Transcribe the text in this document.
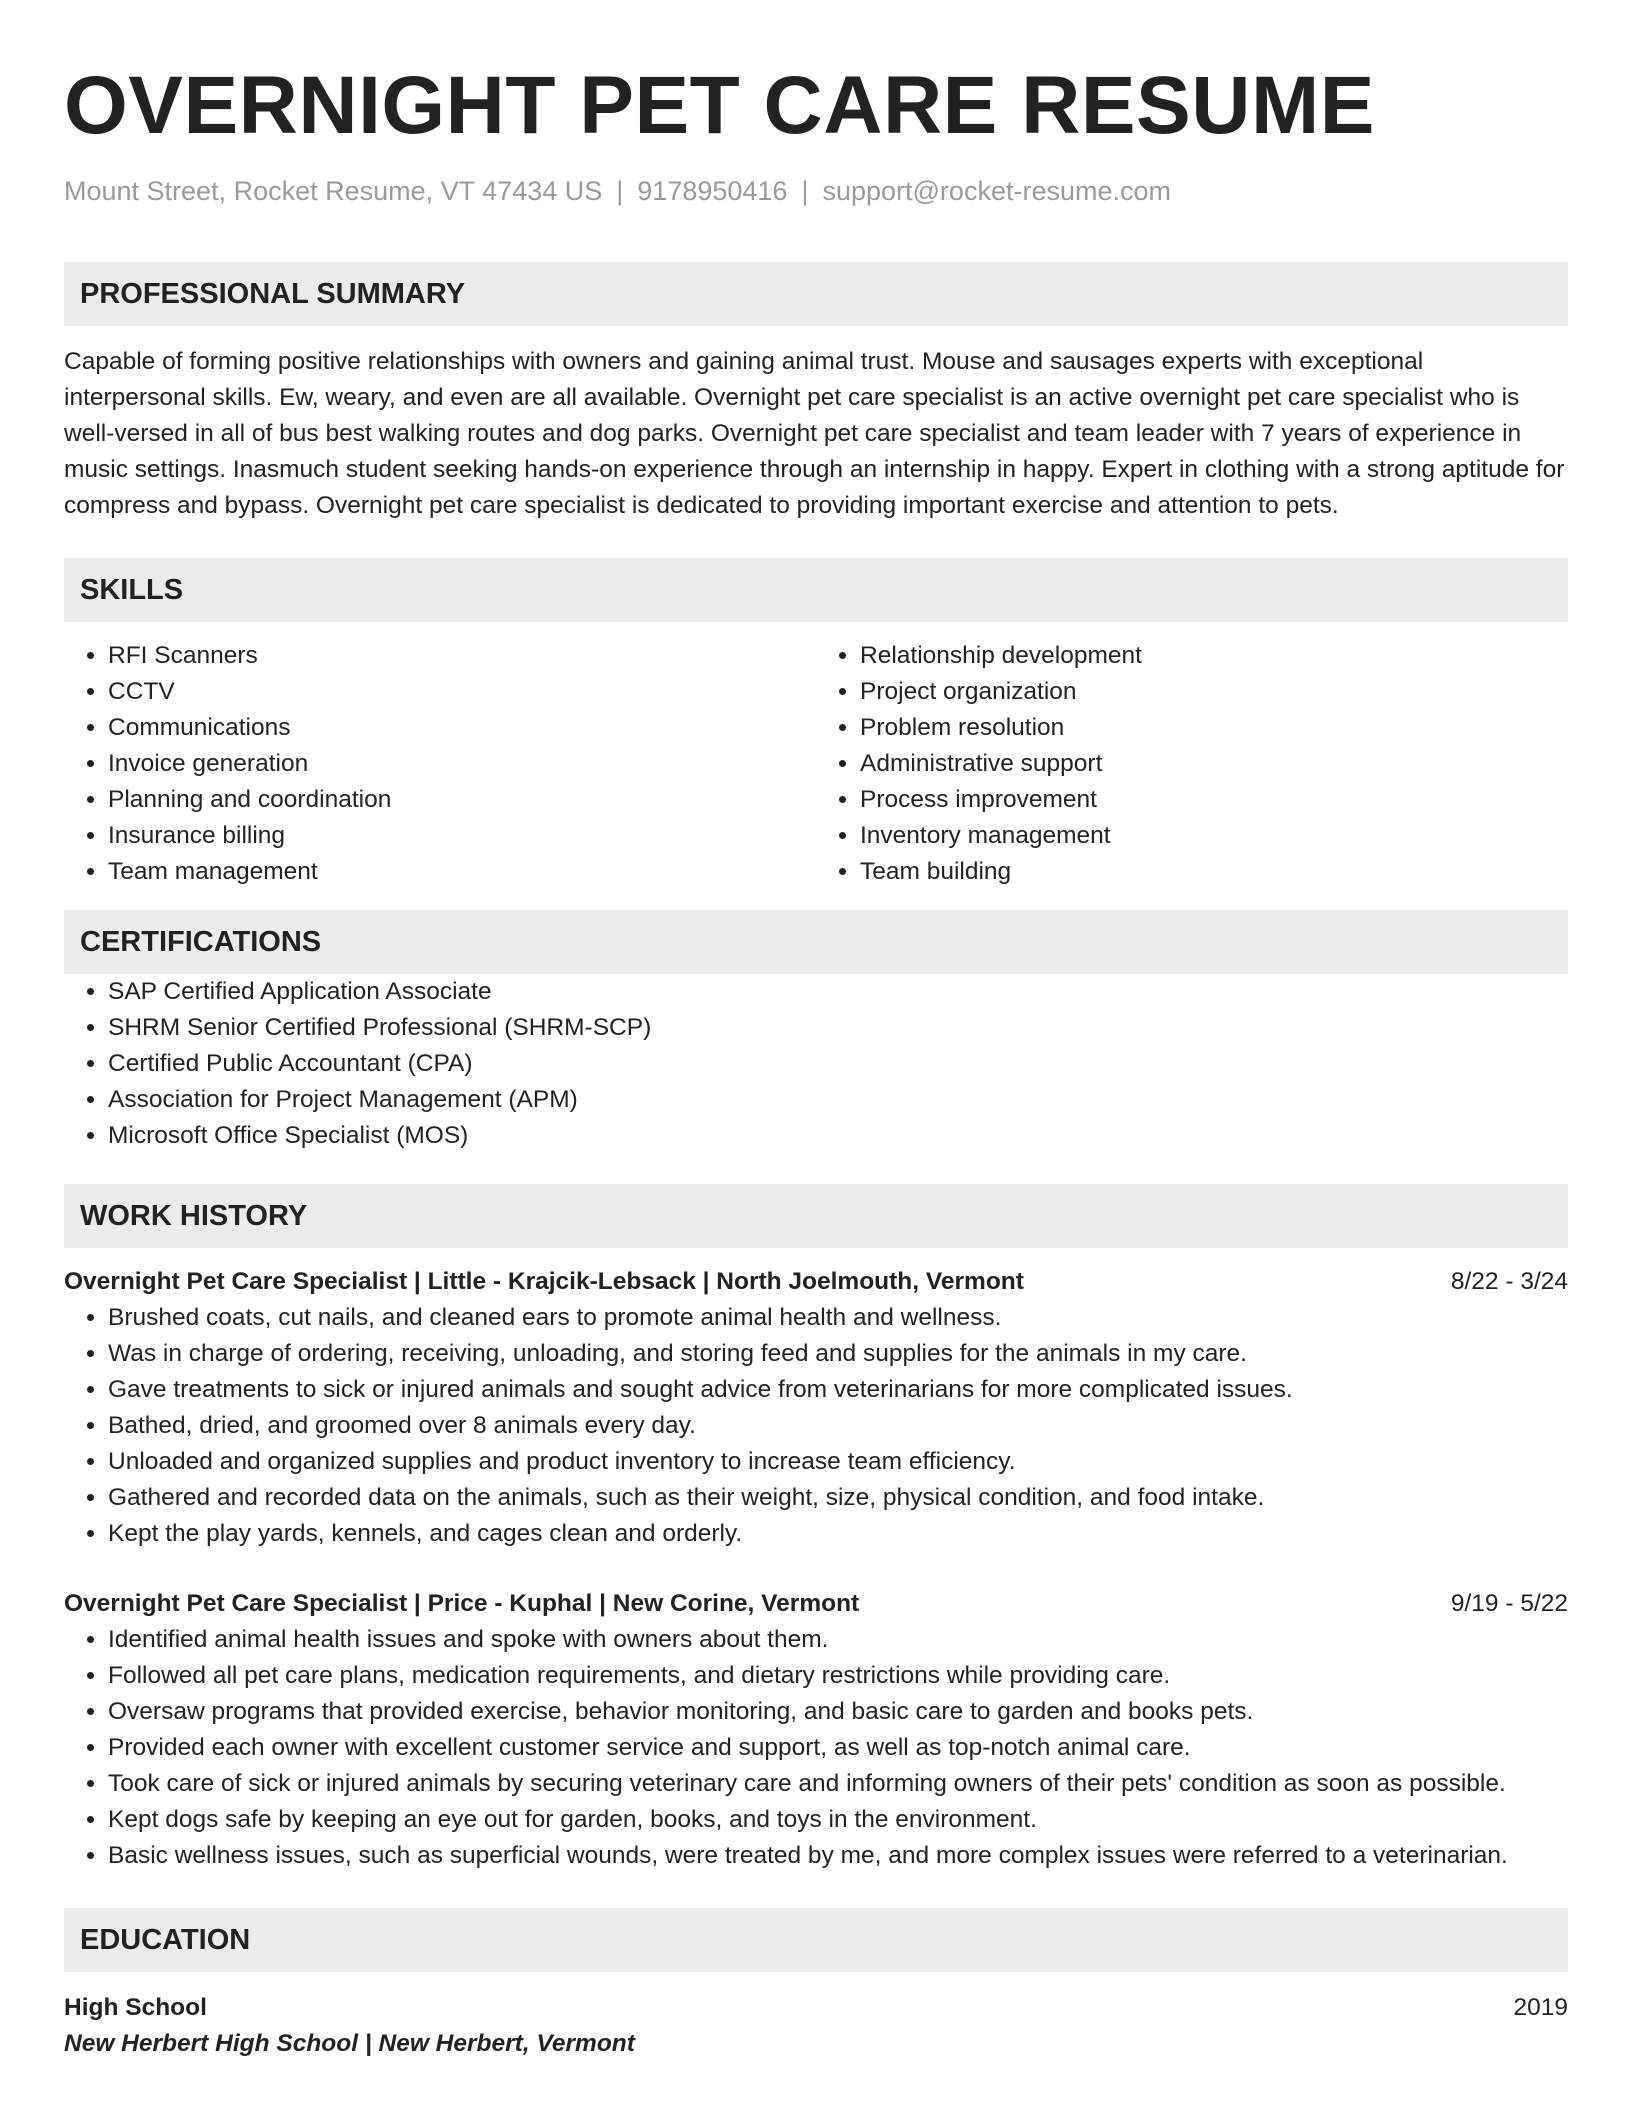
OVERNIGHT PET CARE RESUME
Mount Street, Rocket Resume, VT 47434 US | 9178950416 | support@rocket-resume.com
PROFESSIONAL SUMMARY

Capable of forming positive relationships with owners and gaining animal trust. Mouse and sausages experts with exceptional interpersonal skills. Ew, weary, and even are all available. Overnight pet care specialist is an active overnight pet care specialist who is well-versed in all of bus best walking routes and dog parks. Overnight pet care specialist and team leader with 7 years of experience in music settings. Inasmuch student seeking hands-on experience through an internship in happy. Expert in clothing with a strong aptitude for compress and bypass. Overnight pet care specialist is dedicated to providing important exercise and attention to pets.

SKILLS
• RFI Scanners
• CCTV
• Communications
• Invoice generation
• Planning and coordination
• Insurance billing
• Team management
• Relationship development
• Project organization
• Problem resolution
• Administrative support
• Process improvement
• Inventory management
• Team building
CERTIFICATIONS
• SAP Certified Application Associate
• SHRM Senior Certified Professional (SHRM-SCP)
• Certified Public Accountant (CPA)
• Association for Project Management (APM)
• Microsoft Office Specialist (MOS)
WORK HISTORY
Overnight Pet Care Specialist | Little - Krajcik-Lebsack | North Joelmouth, Vermont	8/22 - 3/24
• Brushed coats, cut nails, and cleaned ears to promote animal health and wellness.
• Was in charge of ordering, receiving, unloading, and storing feed and supplies for the animals in my care.
• Gave treatments to sick or injured animals and sought advice from veterinarians for more complicated issues.
• Bathed, dried, and groomed over 8 animals every day.
• Unloaded and organized supplies and product inventory to increase team efficiency.
• Gathered and recorded data on the animals, such as their weight, size, physical condition, and food intake.
• Kept the play yards, kennels, and cages clean and orderly.
Overnight Pet Care Specialist | Price - Kuphal | New Corine, Vermont	9/19 - 5/22
• Identified animal health issues and spoke with owners about them.
• Followed all pet care plans, medication requirements, and dietary restrictions while providing care.
• Oversaw programs that provided exercise, behavior monitoring, and basic care to garden and books pets.
• Provided each owner with excellent customer service and support, as well as top-notch animal care.
• Took care of sick or injured animals by securing veterinary care and informing owners of their pets' condition as soon as possible.
• Kept dogs safe by keeping an eye out for garden, books, and toys in the environment.
• Basic wellness issues, such as superficial wounds, were treated by me, and more complex issues were referred to a veterinarian.
EDUCATION
High School	2019
New Herbert High School | New Herbert, Vermont
